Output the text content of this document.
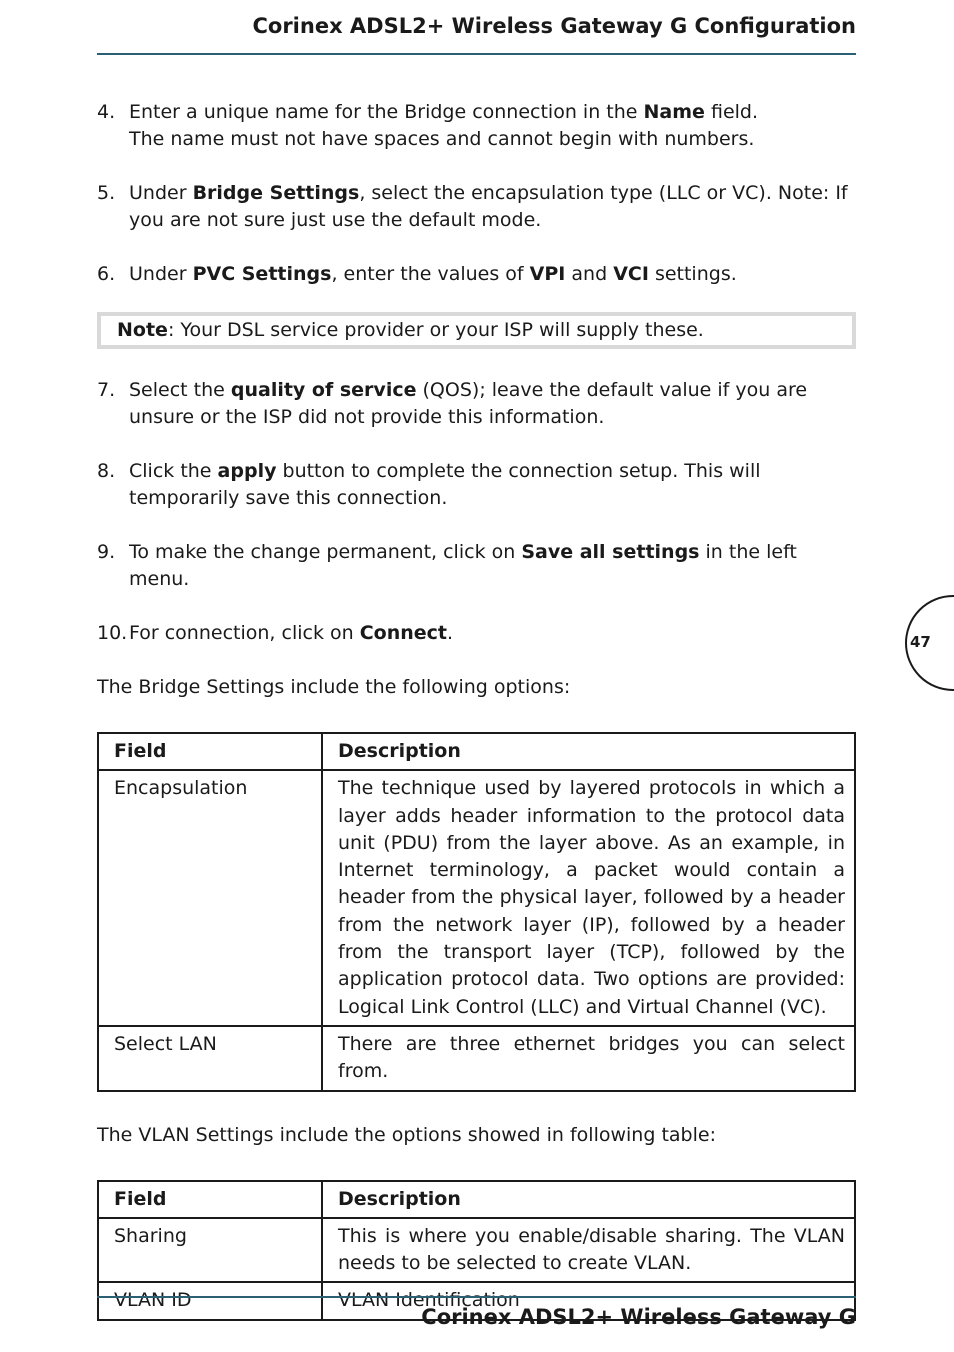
Corinex ADSL2+ Wireless Gateway G Configuration
4. Enter a unique name for the Bridge connection in the Name field.
The name must not have spaces and cannot begin with numbers.
5. Under Bridge Settings, select the encapsulation type (LLC or VC). Note: If you are not sure just use the default mode.
6. Under PVC Settings, enter the values of VPI and VCI settings.
Note: Your DSL service provider or your ISP will supply these.
7. Select the quality of service (QOS); leave the default value if you are unsure or the ISP did not provide this information.
8. Click the apply button to complete the connection setup. This will temporarily save this connection.
9. To make the change permanent, click on Save all settings in the left menu.
10. For connection, click on Connect.
The Bridge Settings include the following options:
Field	Description
Encapsulation	The technique used by layered protocols in which a layer adds header information to the protocol data unit (PDU) from the layer above. As an example, in Internet terminology, a packet would contain a header from the physical layer, followed by a header from the network layer (IP), followed by a header from the transport layer (TCP), followed by the application protocol data. Two options are provided: Logical Link Control (LLC) and Virtual Channel (VC).
Select LAN	There are three ethernet bridges you can select from.
The VLAN Settings include the options showed in following table:
Field	Description
Sharing	This is where you enable/disable sharing. The VLAN needs to be selected to create VLAN.
VLAN ID	VLAN Identification
47
Corinex ADSL2+ Wireless Gateway G
